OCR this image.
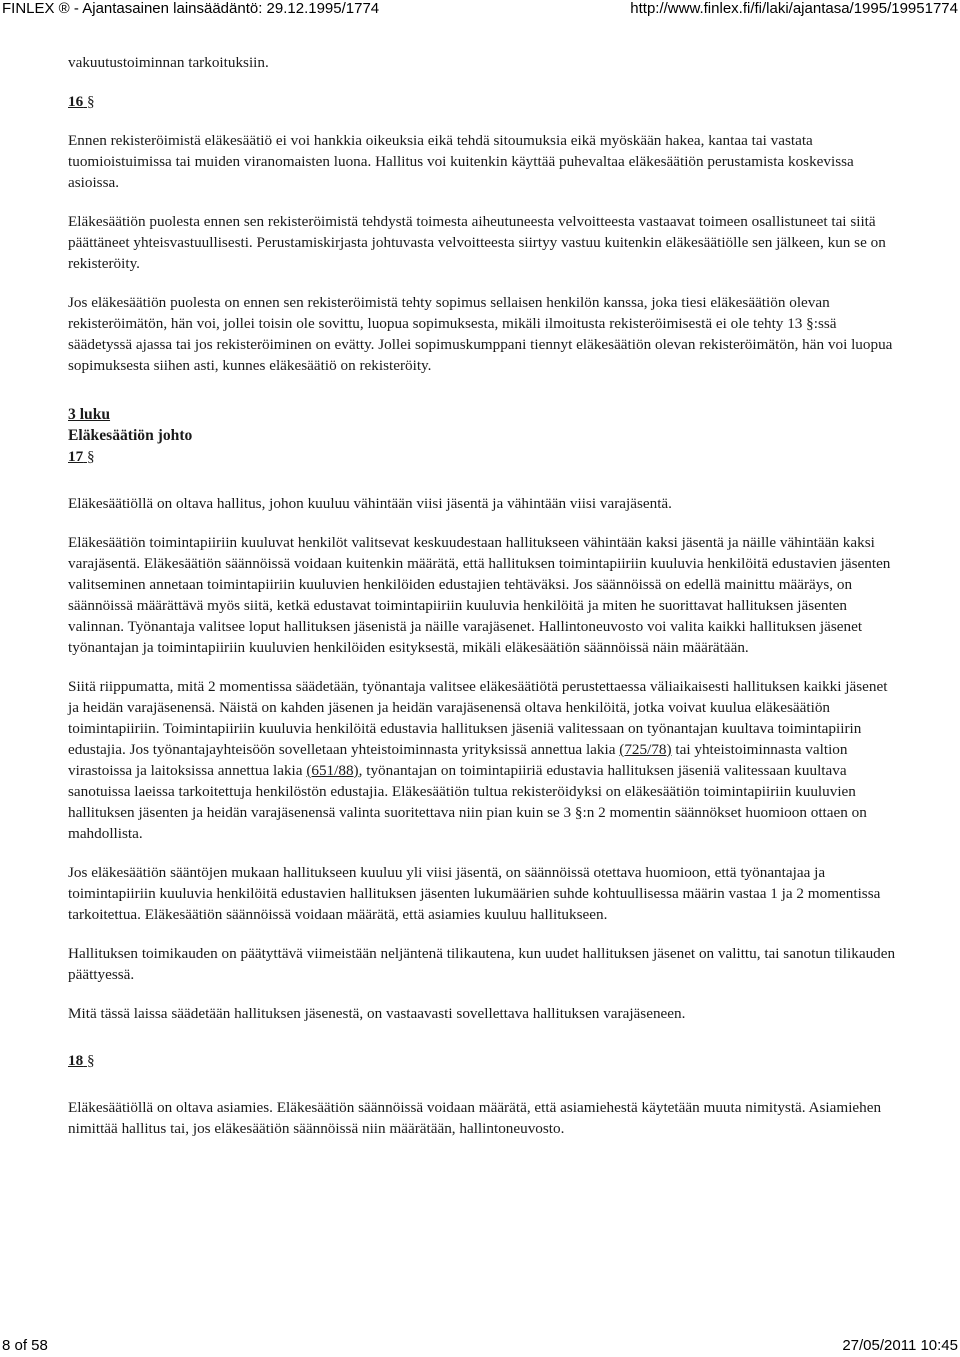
FINLEX ® - Ajantasainen lainsäädäntö: 29.12.1995/1774	http://www.finlex.fi/fi/laki/ajantasa/1995/19951774

vakuutustoiminnan tarkoituksiin.

16 §

Ennen rekisteröimistä eläkesäätiö ei voi hankkia oikeuksia eikä tehdä sitoumuksia eikä myöskään hakea, kantaa tai vastata tuomioistuimissa tai muiden viranomaisten luona. Hallitus voi kuitenkin käyttää puhevaltaa eläkesäätiön perustamista koskevissa asioissa.

Eläkesäätiön puolesta ennen sen rekisteröimistä tehdystä toimesta aiheutuneesta velvoitteesta vastaavat toimeen osallistuneet tai siitä päättäneet yhteisvastuullisesti. Perustamiskirjasta johtuvasta velvoitteesta siirtyy vastuu kuitenkin eläkesäätiölle sen jälkeen, kun se on rekisteröity.

Jos eläkesäätiön puolesta on ennen sen rekisteröimistä tehty sopimus sellaisen henkilön kanssa, joka tiesi eläkesäätiön olevan rekisteröimätön, hän voi, jollei toisin ole sovittu, luopua sopimuksesta, mikäli ilmoitusta rekisteröimisestä ei ole tehty 13 §:ssä säädetyssä ajassa tai jos rekisteröiminen on evätty. Jollei sopimuskumppani tiennyt eläkesäätiön olevan rekisteröimätön, hän voi luopua sopimuksesta siihen asti, kunnes eläkesäätiö on rekisteröity.

3 luku
Eläkesäätiön johto
17 §

Eläkesäätiöllä on oltava hallitus, johon kuuluu vähintään viisi jäsentä ja vähintään viisi varajäsentä.

Eläkesäätiön toimintapiiriin kuuluvat henkilöt valitsevat keskuudestaan hallitukseen vähintään kaksi jäsentä ja näille vähintään kaksi varajäsentä. Eläkesäätiön säännöissä voidaan kuitenkin määrätä, että hallituksen toimintapiiriin kuuluvia henkilöitä edustavien jäsenten valitseminen annetaan toimintapiiriin kuuluvien henkilöiden edustajien tehtäväksi. Jos säännöissä on edellä mainittu määräys, on säännöissä määrättävä myös siitä, ketkä edustavat toimintapiiriin kuuluvia henkilöitä ja miten he suorittavat hallituksen jäsenten valinnan. Työnantaja valitsee loput hallituksen jäsenistä ja näille varajäsenet. Hallintoneuvosto voi valita kaikki hallituksen jäsenet työnantajan ja toimintapiiriin kuuluvien henkilöiden esityksestä, mikäli eläkesäätiön säännöissä näin määrätään.

Siitä riippumatta, mitä 2 momentissa säädetään, työnantaja valitsee eläkesäätiötä perustettaessa väliaikaisesti hallituksen kaikki jäsenet ja heidän varajäsenensä. Näistä on kahden jäsenen ja heidän varajäsenensä oltava henkilöitä, jotka voivat kuulua eläkesäätiön toimintapiiriin. Toimintapiiriin kuuluvia henkilöitä edustavia hallituksen jäseniä valitessaan on työnantajan kuultava toimintapiirin edustajia. Jos työnantajayhteisöön sovelletaan yhteistoiminnasta yrityksissä annettua lakia (725/78) tai yhteistoiminnasta valtion virastoissa ja laitoksissa annettua lakia (651/88), työnantajan on toimintapiiriä edustavia hallituksen jäseniä valitessaan kuultava sanotuissa laeissa tarkoitettuja henkilöstön edustajia. Eläkesäätiön tultua rekisteröidyksi on eläkesäätiön toimintapiiriin kuuluvien hallituksen jäsenten ja heidän varajäsenensä valinta suoritettava niin pian kuin se 3 §:n 2 momentin säännökset huomioon ottaen on mahdollista.

Jos eläkesäätiön sääntöjen mukaan hallitukseen kuuluu yli viisi jäsentä, on säännöissä otettava huomioon, että työnantajaa ja toimintapiiriin kuuluvia henkilöitä edustavien hallituksen jäsenten lukumäärien suhde kohtuullisessa määrin vastaa 1 ja 2 momentissa tarkoitettua. Eläkesäätiön säännöissä voidaan määrätä, että asiamies kuuluu hallitukseen.

Hallituksen toimikauden on päätyttävä viimeistään neljäntenä tilikautena, kun uudet hallituksen jäsenet on valittu, tai sanotun tilikauden päättyessä.

Mitä tässä laissa säädetään hallituksen jäsenestä, on vastaavasti sovellettava hallituksen varajäseneen.

18 §

Eläkesäätiöllä on oltava asiamies. Eläkesäätiön säännöissä voidaan määrätä, että asiamiehestä käytetään muuta nimitystä. Asiamiehen nimittää hallitus tai, jos eläkesäätiön säännöissä niin määrätään, hallintoneuvosto.

8 of 58	27/05/2011 10:45
